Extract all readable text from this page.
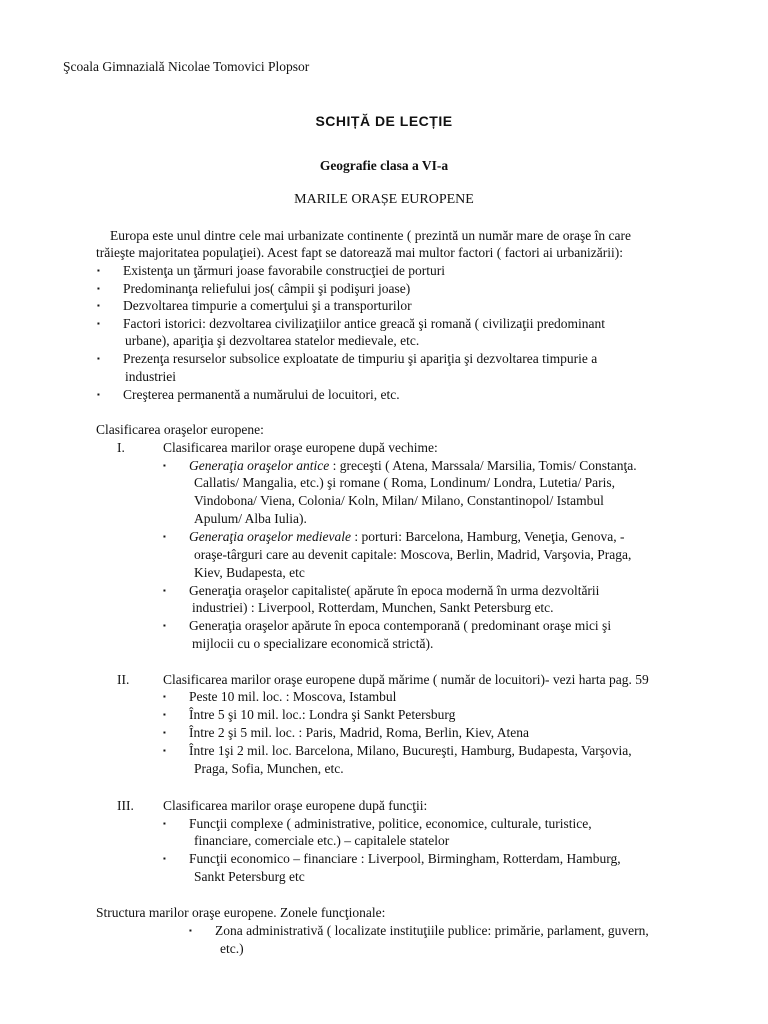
Şcoala Gimnazială Nicolae Tomovici Plopsor
SCHIȚĂ DE LECȚIE
Geografie clasa a VI-a
MARILE ORAȘE EUROPENE
Europa este unul dintre cele mai urbanizate continente ( prezintă un număr mare de oraşe în care
trăieşte majoritatea populaţiei). Acest fapt se datorează mai multor factori ( factori ai urbanizării):
▪ Existenţa un ţărmuri joase favorabile construcţiei de porturi
▪ Predominanţa reliefului jos( câmpii şi podişuri joase)
▪ Dezvoltarea timpurie a comerţului şi a transporturilor
▪ Factori istorici: dezvoltarea civilizaţiilor antice greacă şi romană ( civilizaţii predominant
urbane), apariţia şi dezvoltarea statelor medievale, etc.
▪ Prezenţa resurselor subsolice exploatate de timpuriu şi apariţia şi dezvoltarea timpurie a
industriei
▪ Creşterea permanentă a numărului de locuitori, etc.
Clasificarea oraşelor europene:
I.	Clasificarea marilor oraşe europene după vechime:
▪ Generaţia oraşelor antice : greceşti ( Atena, Marssala/ Marsilia, Tomis/ Constanţa.
Callatis/ Mangalia, etc.) şi romane ( Roma, Londinum/ Londra, Lutetia/ Paris,
Vindobona/ Viena, Colonia/ Koln, Milan/ Milano, Constantinopol/ Istambul
Apulum/ Alba Iulia).
▪ Generaţia oraşelor medievale : porturi: Barcelona, Hamburg, Veneţia, Genova, -
oraşe-târguri care au devenit capitale: Moscova, Berlin, Madrid, Varşovia, Praga,
Kiev, Budapesta, etc
▪ Generaţia oraşelor capitaliste( apărute în epoca modernă în urma dezvoltării
industriei) : Liverpool, Rotterdam, Munchen, Sankt Petersburg etc.
▪ Generaţia oraşelor apărute în epoca contemporană ( predominant oraşe mici şi
mijlocii cu o specializare economică strictă).
II. Clasificarea marilor oraşe europene după mărime ( număr de locuitori)- vezi harta pag. 59
▪ Peste 10 mil. loc. : Moscova, Istambul
▪ Între 5 şi 10 mil. loc.: Londra şi Sankt Petersburg
▪ Între 2 şi 5 mil. loc. : Paris, Madrid, Roma, Berlin, Kiev, Atena
▪ Între 1şi 2 mil. loc. Barcelona, Milano, Bucureşti, Hamburg, Budapesta, Varşovia,
Praga, Sofia, Munchen, etc.
III. Clasificarea marilor oraşe europene după funcţii:
▪ Funcţii complexe ( administrative, politice, economice, culturale, turistice,
financiare, comerciale etc.) – capitalele statelor
▪ Funcţii economico – financiare : Liverpool, Birmingham, Rotterdam, Hamburg,
Sankt Petersburg etc
Structura marilor oraşe europene. Zonele funcţionale:
▪ Zona administrativă ( localizate instituţiile publice: primărie, parlament, guvern,
etc.)
